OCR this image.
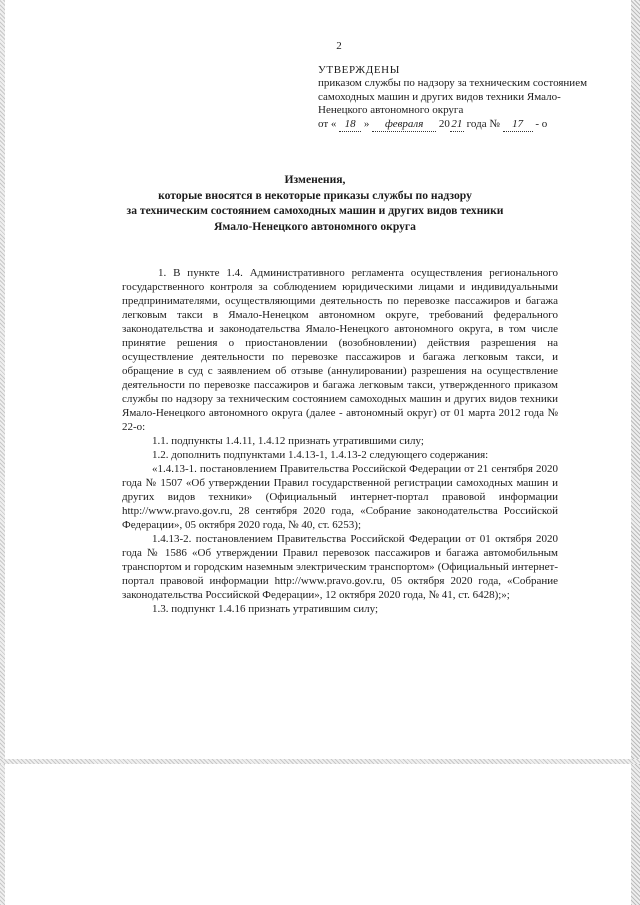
2
УТВЕРЖДЕНЫ
приказом службы по надзору за техническим состоянием самоходных машин и других видов техники Ямало-Ненецкого автономного округа
от « 18 » февраля 20 21 года № 17 - о
Изменения,
которые вносятся в некоторые приказы службы по надзору
за техническим состоянием самоходных машин и других видов техники
Ямало-Ненецкого автономного округа

1. В пункте 1.4. Административного регламента осуществления регионального государственного контроля за соблюдением юридическими лицами и индивидуальными предпринимателями, осуществляющими деятельность по перевозке пассажиров и багажа легковым такси в Ямало-Ненецком автономном округе, требований федерального законодательства и законодательства Ямало-Ненецкого автономного округа, в том числе принятие решения о приостановлении (возобновлении) действия разрешения на осуществление деятельности по перевозке пассажиров и багажа легковым такси, и обращение в суд с заявлением об отзыве (аннулировании) разрешения на осуществление деятельности по перевозке пассажиров и багажа легковым такси, утвержденного приказом службы по надзору за техническим состоянием самоходных машин и других видов техники Ямало-Ненецкого автономного округа (далее - автономный округ) от 01 марта 2012 года № 22-о:

1.1. подпункты 1.4.11, 1.4.12 признать утратившими силу;

1.2. дополнить подпунктами 1.4.13-1, 1.4.13-2 следующего содержания:

«1.4.13-1. постановлением Правительства Российской Федерации от 21 сентября 2020 года № 1507 «Об утверждении Правил государственной регистрации самоходных машин и других видов техники» (Официальный интернет-портал правовой информации http://www.pravo.gov.ru, 28 сентября 2020 года, «Собрание законодательства Российской Федерации», 05 октября 2020 года, № 40, ст. 6253);

1.4.13-2. постановлением Правительства Российской Федерации от 01 октября 2020 года № 1586 «Об утверждении Правил перевозок пассажиров и багажа автомобильным транспортом и городским наземным электрическим транспортом» (Официальный интернет-портал правовой информации http://www.pravo.gov.ru, 05 октября 2020 года, «Собрание законодательства Российской Федерации», 12 октября 2020 года, № 41, ст. 6428);»;

1.3. подпункт 1.4.16 признать утратившим силу;
